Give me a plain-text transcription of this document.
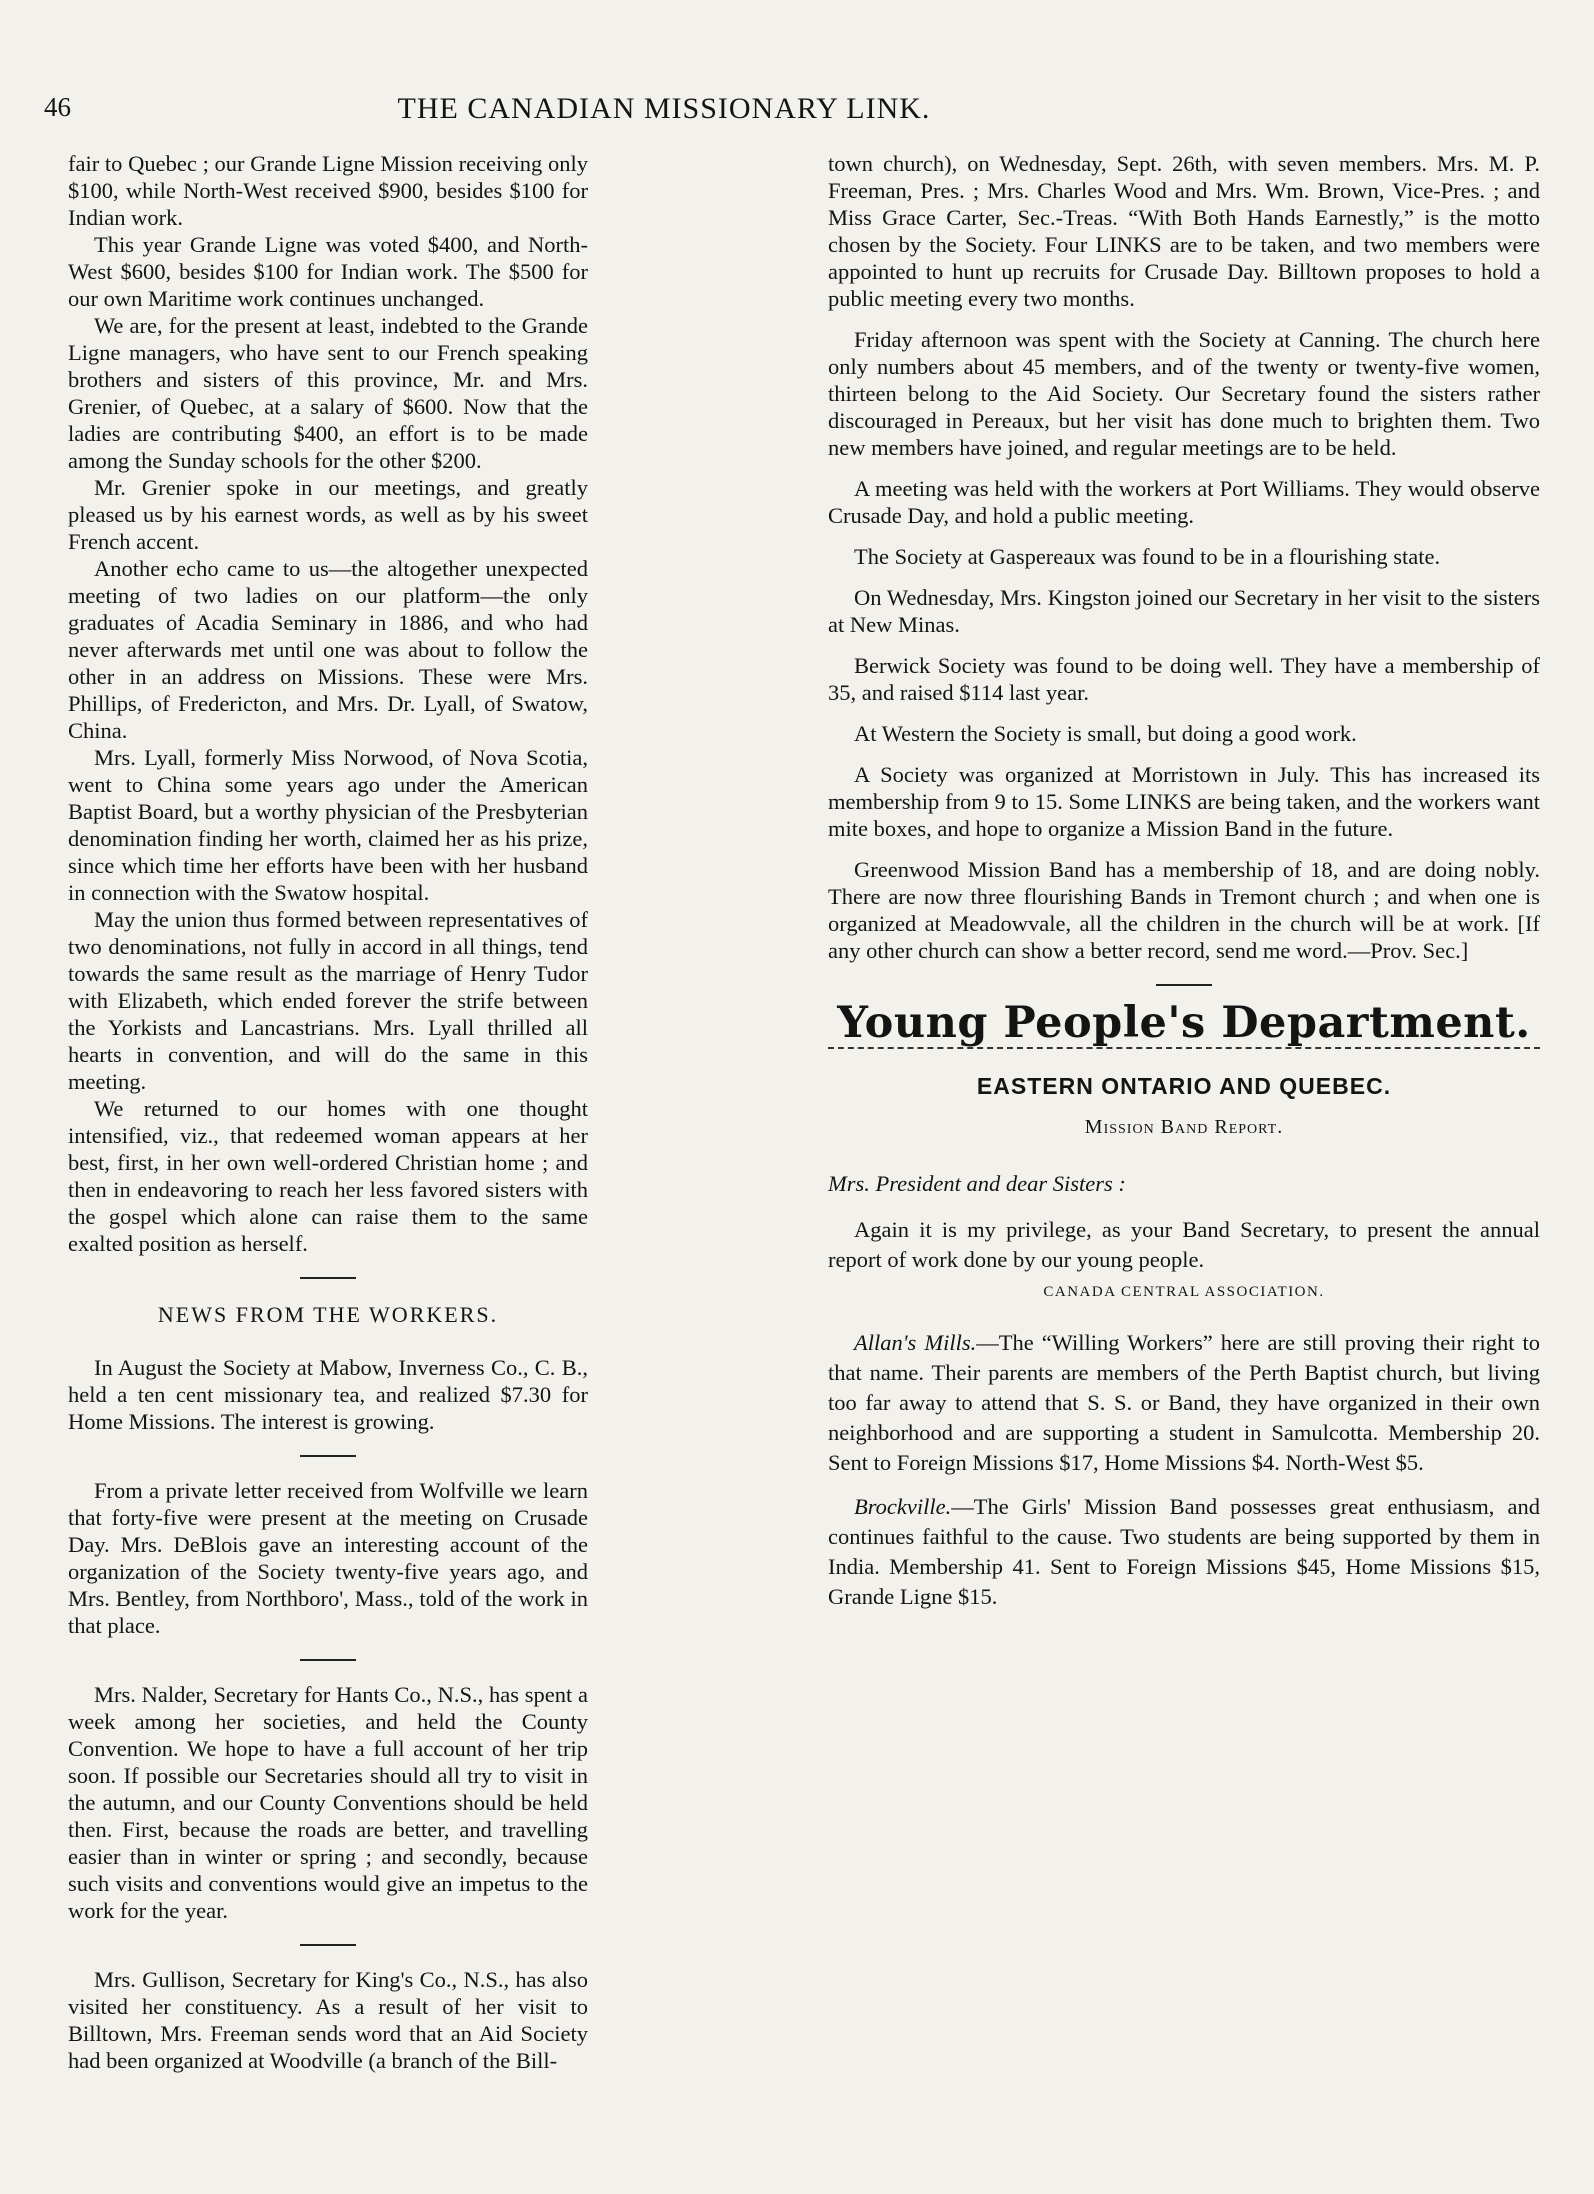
46	THE CANADIAN MISSIONARY LINK.

fair to Quebec ; our Grande Ligne Mission receiving only $100, while North-West received $900, besides $100 for Indian work.

This year Grande Ligne was voted $400, and North-West $600, besides $100 for Indian work. The $500 for our own Maritime work continues unchanged.

We are, for the present at least, indebted to the Grande Ligne managers, who have sent to our French speaking brothers and sisters of this province, Mr. and Mrs. Grenier, of Quebec, at a salary of $600. Now that the ladies are contributing $400, an effort is to be made among the Sunday schools for the other $200.

Mr. Grenier spoke in our meetings, and greatly pleased us by his earnest words, as well as by his sweet French accent.

Another echo came to us—the altogether unexpected meeting of two ladies on our platform—the only graduates of Acadia Seminary in 1886, and who had never afterwards met until one was about to follow the other in an address on Missions. These were Mrs. Phillips, of Fredericton, and Mrs. Dr. Lyall, of Swatow, China.

Mrs. Lyall, formerly Miss Norwood, of Nova Scotia, went to China some years ago under the American Baptist Board, but a worthy physician of the Presbyterian denomination finding her worth, claimed her as his prize, since which time her efforts have been with her husband in connection with the Swatow hospital.

May the union thus formed between representatives of two denominations, not fully in accord in all things, tend towards the same result as the marriage of Henry Tudor with Elizabeth, which ended forever the strife between the Yorkists and Lancastrians. Mrs. Lyall thrilled all hearts in convention, and will do the same in this meeting.

We returned to our homes with one thought intensified, viz., that redeemed woman appears at her best, first, in her own well-ordered Christian home ; and then in endeavoring to reach her less favored sisters with the gospel which alone can raise them to the same exalted position as herself.

NEWS FROM THE WORKERS.

In August the Society at Mabow, Inverness Co., C. B., held a ten cent missionary tea, and realized $7.30 for Home Missions. The interest is growing.

From a private letter received from Wolfville we learn that forty-five were present at the meeting on Crusade Day. Mrs. DeBlois gave an interesting account of the organization of the Society twenty-five years ago, and Mrs. Bentley, from Northboro', Mass., told of the work in that place.

Mrs. Nalder, Secretary for Hants Co., N.S., has spent a week among her societies, and held the County Convention. We hope to have a full account of her trip soon. If possible our Secretaries should all try to visit in the autumn, and our County Conventions should be held then. First, because the roads are better, and travelling easier than in winter or spring ; and secondly, because such visits and conventions would give an impetus to the work for the year.

Mrs. Gullison, Secretary for King's Co., N.S., has also visited her constituency. As a result of her visit to Billtown, Mrs. Freeman sends word that an Aid Society had been organized at Woodville (a branch of the Bill-

town church), on Wednesday, Sept. 26th, with seven members. Mrs. M. P. Freeman, Pres. ; Mrs. Charles Wood and Mrs. Wm. Brown, Vice-Pres. ; and Miss Grace Carter, Sec.-Treas. “With Both Hands Earnestly,” is the motto chosen by the Society. Four LINKS are to be taken, and two members were appointed to hunt up recruits for Crusade Day. Billtown proposes to hold a public meeting every two months.

Friday afternoon was spent with the Society at Canning. The church here only numbers about 45 members, and of the twenty or twenty-five women, thirteen belong to the Aid Society. Our Secretary found the sisters rather discouraged in Pereaux, but her visit has done much to brighten them. Two new members have joined, and regular meetings are to be held.

A meeting was held with the workers at Port Williams. They would observe Crusade Day, and hold a public meeting.

The Society at Gaspereaux was found to be in a flourishing state.

On Wednesday, Mrs. Kingston joined our Secretary in her visit to the sisters at New Minas.

Berwick Society was found to be doing well. They have a membership of 35, and raised $114 last year.

At Western the Society is small, but doing a good work.

A Society was organized at Morristown in July. This has increased its membership from 9 to 15. Some LINKS are being taken, and the workers want mite boxes, and hope to organize a Mission Band in the future.

Greenwood Mission Band has a membership of 18, and are doing nobly. There are now three flourishing Bands in Tremont church ; and when one is organized at Meadowvale, all the children in the church will be at work. [If any other church can show a better record, send me word.—Prov. Sec.]

Young People's Department.
EASTERN ONTARIO AND QUEBEC.
Mission Band Report.

Mrs. President and dear Sisters :

Again it is my privilege, as your Band Secretary, to present the annual report of work done by our young people.

CANADA CENTRAL ASSOCIATION.

Allan's Mills.—The “Willing Workers” here are still proving their right to that name. Their parents are members of the Perth Baptist church, but living too far away to attend that S. S. or Band, they have organized in their own neighborhood and are supporting a student in Samulcotta. Membership 20. Sent to Foreign Missions $17, Home Missions $4. North-West $5.

Brockville.—The Girls' Mission Band possesses great enthusiasm, and continues faithful to the cause. Two students are being supported by them in India. Membership 41. Sent to Foreign Missions $45, Home Missions $15, Grande Ligne $15.
